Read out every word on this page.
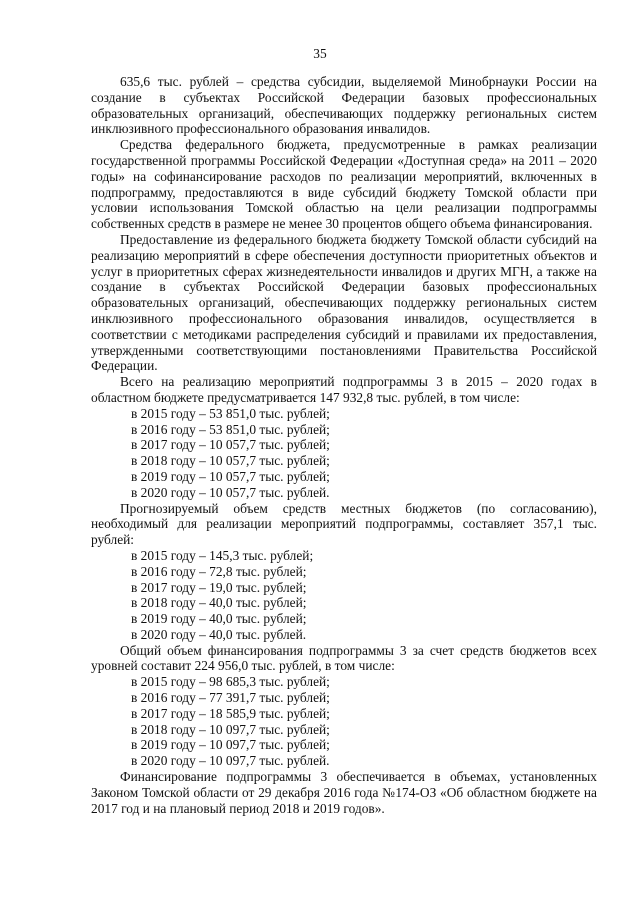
35

635,6 тыс. рублей – средства субсидии, выделяемой Минобрнауки России на создание в субъектах Российской Федерации базовых профессиональных образовательных организаций, обеспечивающих поддержку региональных систем инклюзивного профессионального образования инвалидов.

Средства федерального бюджета, предусмотренные в рамках реализации государственной программы Российской Федерации «Доступная среда» на 2011 – 2020 годы» на софинансирование расходов по реализации мероприятий, включенных в подпрограмму, предоставляются в виде субсидий бюджету Томской области при условии использования Томской областью на цели реализации подпрограммы собственных средств в размере не менее 30 процентов общего объема финансирования.

Предоставление из федерального бюджета бюджету Томской области субсидий на реализацию мероприятий в сфере обеспечения доступности приоритетных объектов и услуг в приоритетных сферах жизнедеятельности инвалидов и других МГН, а также на создание в субъектах Российской Федерации базовых профессиональных образовательных организаций, обеспечивающих поддержку региональных систем инклюзивного профессионального образования инвалидов, осуществляется в соответствии с методиками распределения субсидий и правилами их предоставления, утвержденными соответствующими постановлениями Правительства Российской Федерации.

Всего на реализацию мероприятий подпрограммы 3 в 2015 – 2020 годах в областном бюджете предусматривается 147 932,8 тыс. рублей, в том числе:

в 2015 году – 53 851,0 тыс. рублей;
в 2016 году – 53 851,0 тыс. рублей;
в 2017 году – 10 057,7 тыс. рублей;
в 2018 году – 10 057,7 тыс. рублей;
в 2019 году – 10 057,7 тыс. рублей;
в 2020 году – 10 057,7 тыс. рублей.

Прогнозируемый объем средств местных бюджетов (по согласованию), необходимый для реализации мероприятий подпрограммы, составляет 357,1 тыс. рублей:

в 2015 году – 145,3 тыс. рублей;
в 2016 году – 72,8 тыс. рублей;
в 2017 году – 19,0 тыс. рублей;
в 2018 году – 40,0 тыс. рублей;
в 2019 году – 40,0 тыс. рублей;
в 2020 году – 40,0 тыс. рублей.

Общий объем финансирования подпрограммы 3 за счет средств бюджетов всех уровней составит 224 956,0 тыс. рублей, в том числе:

в 2015 году – 98 685,3 тыс. рублей;
в 2016 году – 77 391,7 тыс. рублей;
в 2017 году – 18 585,9 тыс. рублей;
в 2018 году – 10 097,7 тыс. рублей;
в 2019 году – 10 097,7 тыс. рублей;
в 2020 году – 10 097,7 тыс. рублей.

Финансирование подпрограммы 3 обеспечивается в объемах, установленных Законом Томской области от 29 декабря 2016 года №174-ОЗ «Об областном бюджете на 2017 год и на плановый период 2018 и 2019 годов».
